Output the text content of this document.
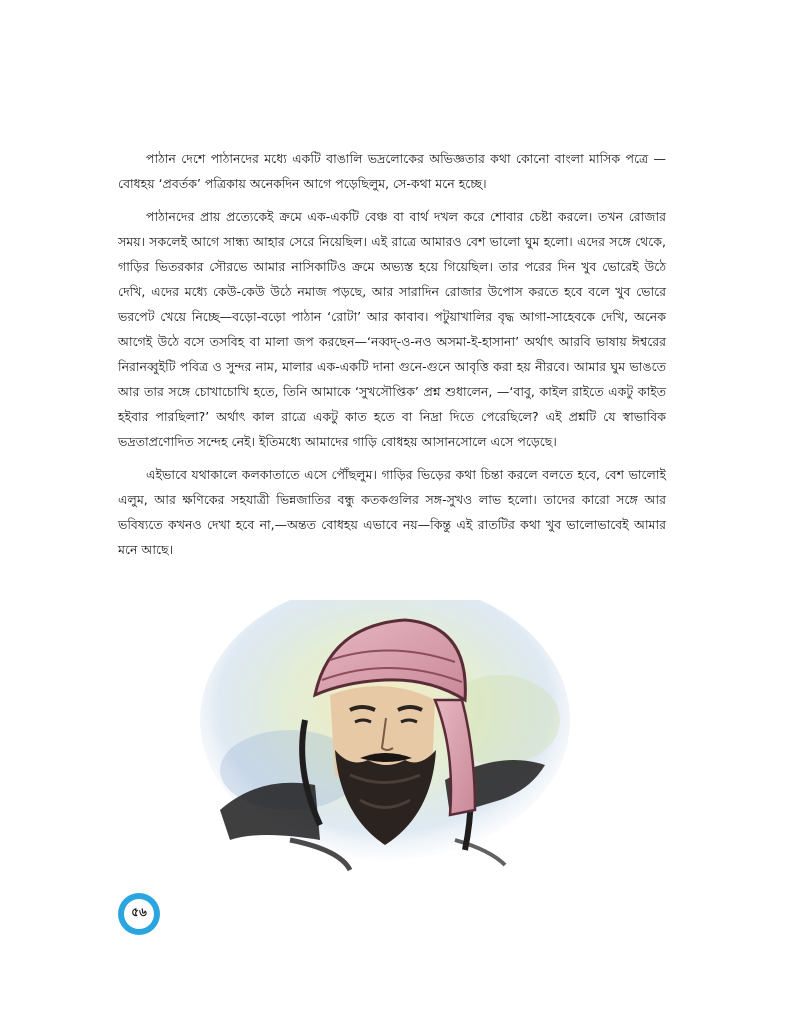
পাঠান দেশে পাঠানদের মধ্যে একটি বাঙালি ভদ্রলোকের অভিজ্ঞতার কথা কোনো বাংলা মাসিক পত্রে — বোধহয় ‘প্রবর্তক’ পত্রিকায় অনেকদিন আগে পড়েছিলুম, সে-কথা মনে হচ্ছে।

পাঠানদের প্রায় প্রত্যেকেই ক্রমে এক-একটি বেঞ্চ বা বার্থ দখল করে শোবার চেষ্টা করলে। তখন রোজার সময়। সকলেই আগে সান্ধ্য আহার সেরে নিয়েছিল। এই রাত্রে আমারও বেশ ভালো ঘুম হলো। এদের সঙ্গে থেকে, গাড়ির ভিতরকার সৌরভে আমার নাসিকাটিও ক্রমে অভ্যস্ত হয়ে গিয়েছিল। তার পরের দিন খুব ভোরেই উঠে দেখি, এদের মধ্যে কেউ-কেউ উঠে নমাজ পড়ছে, আর সারাদিন রোজার উপোস করতে হবে বলে খুব ভোরে ভরপেট খেয়ে নিচ্ছে—বড়ো-বড়ো পাঠান ‘রোটা’ আর কাবাব। পটুয়াখালির বৃদ্ধ আগা-সাহেবকে দেখি, অনেক আগেই উঠে বসে তসবিহ বা মালা জপ করছেন—‘নব্বদ্-ও-নও অসমা-ই-হাসানা’ অর্থাৎ আরবি ভাষায় ঈশ্বরের নিরানব্বুইটি পবিত্র ও সুন্দর নাম, মালার এক-একটি দানা গুনে-গুনে আবৃত্তি করা হয় নীরবে। আমার ঘুম ভাঙতে আর তার সঙ্গে চোখাচোখি হতে, তিনি আমাকে ‘সুখসৌপ্তিক’ প্রশ্ন শুধালেন, —‘বাবু, কাইল রাইতে একটু কাইত হইবার পারছিলা?’ অর্থাৎ কাল রাত্রে একটু কাত হতে বা নিদ্রা দিতে পেরেছিলে? এই প্রশ্নটি যে স্বাভাবিক ভদ্রতাপ্রণোদিত সন্দেহ নেই। ইতিমধ্যে আমাদের গাড়ি বোধহয় আসানসোলে এসে পড়েছে।

এইভাবে যথাকালে কলকাতাতে এসে পৌঁছলুম। গাড়ির ভিড়ের কথা চিন্তা করলে বলতে হবে, বেশ ভালোই এলুম, আর ক্ষণিকের সহযাত্রী ভিন্নজাতির বন্ধু কতকগুলির সঙ্গ-সুখও লাভ হলো। তাদের কারো সঙ্গে আর ভবিষ্যতে কখনও দেখা হবে না,—অন্তত বোধহয় এভাবে নয়—কিন্তু এই রাতটির কথা খুব ভালোভাবেই আমার মনে আছে।

৫৬
